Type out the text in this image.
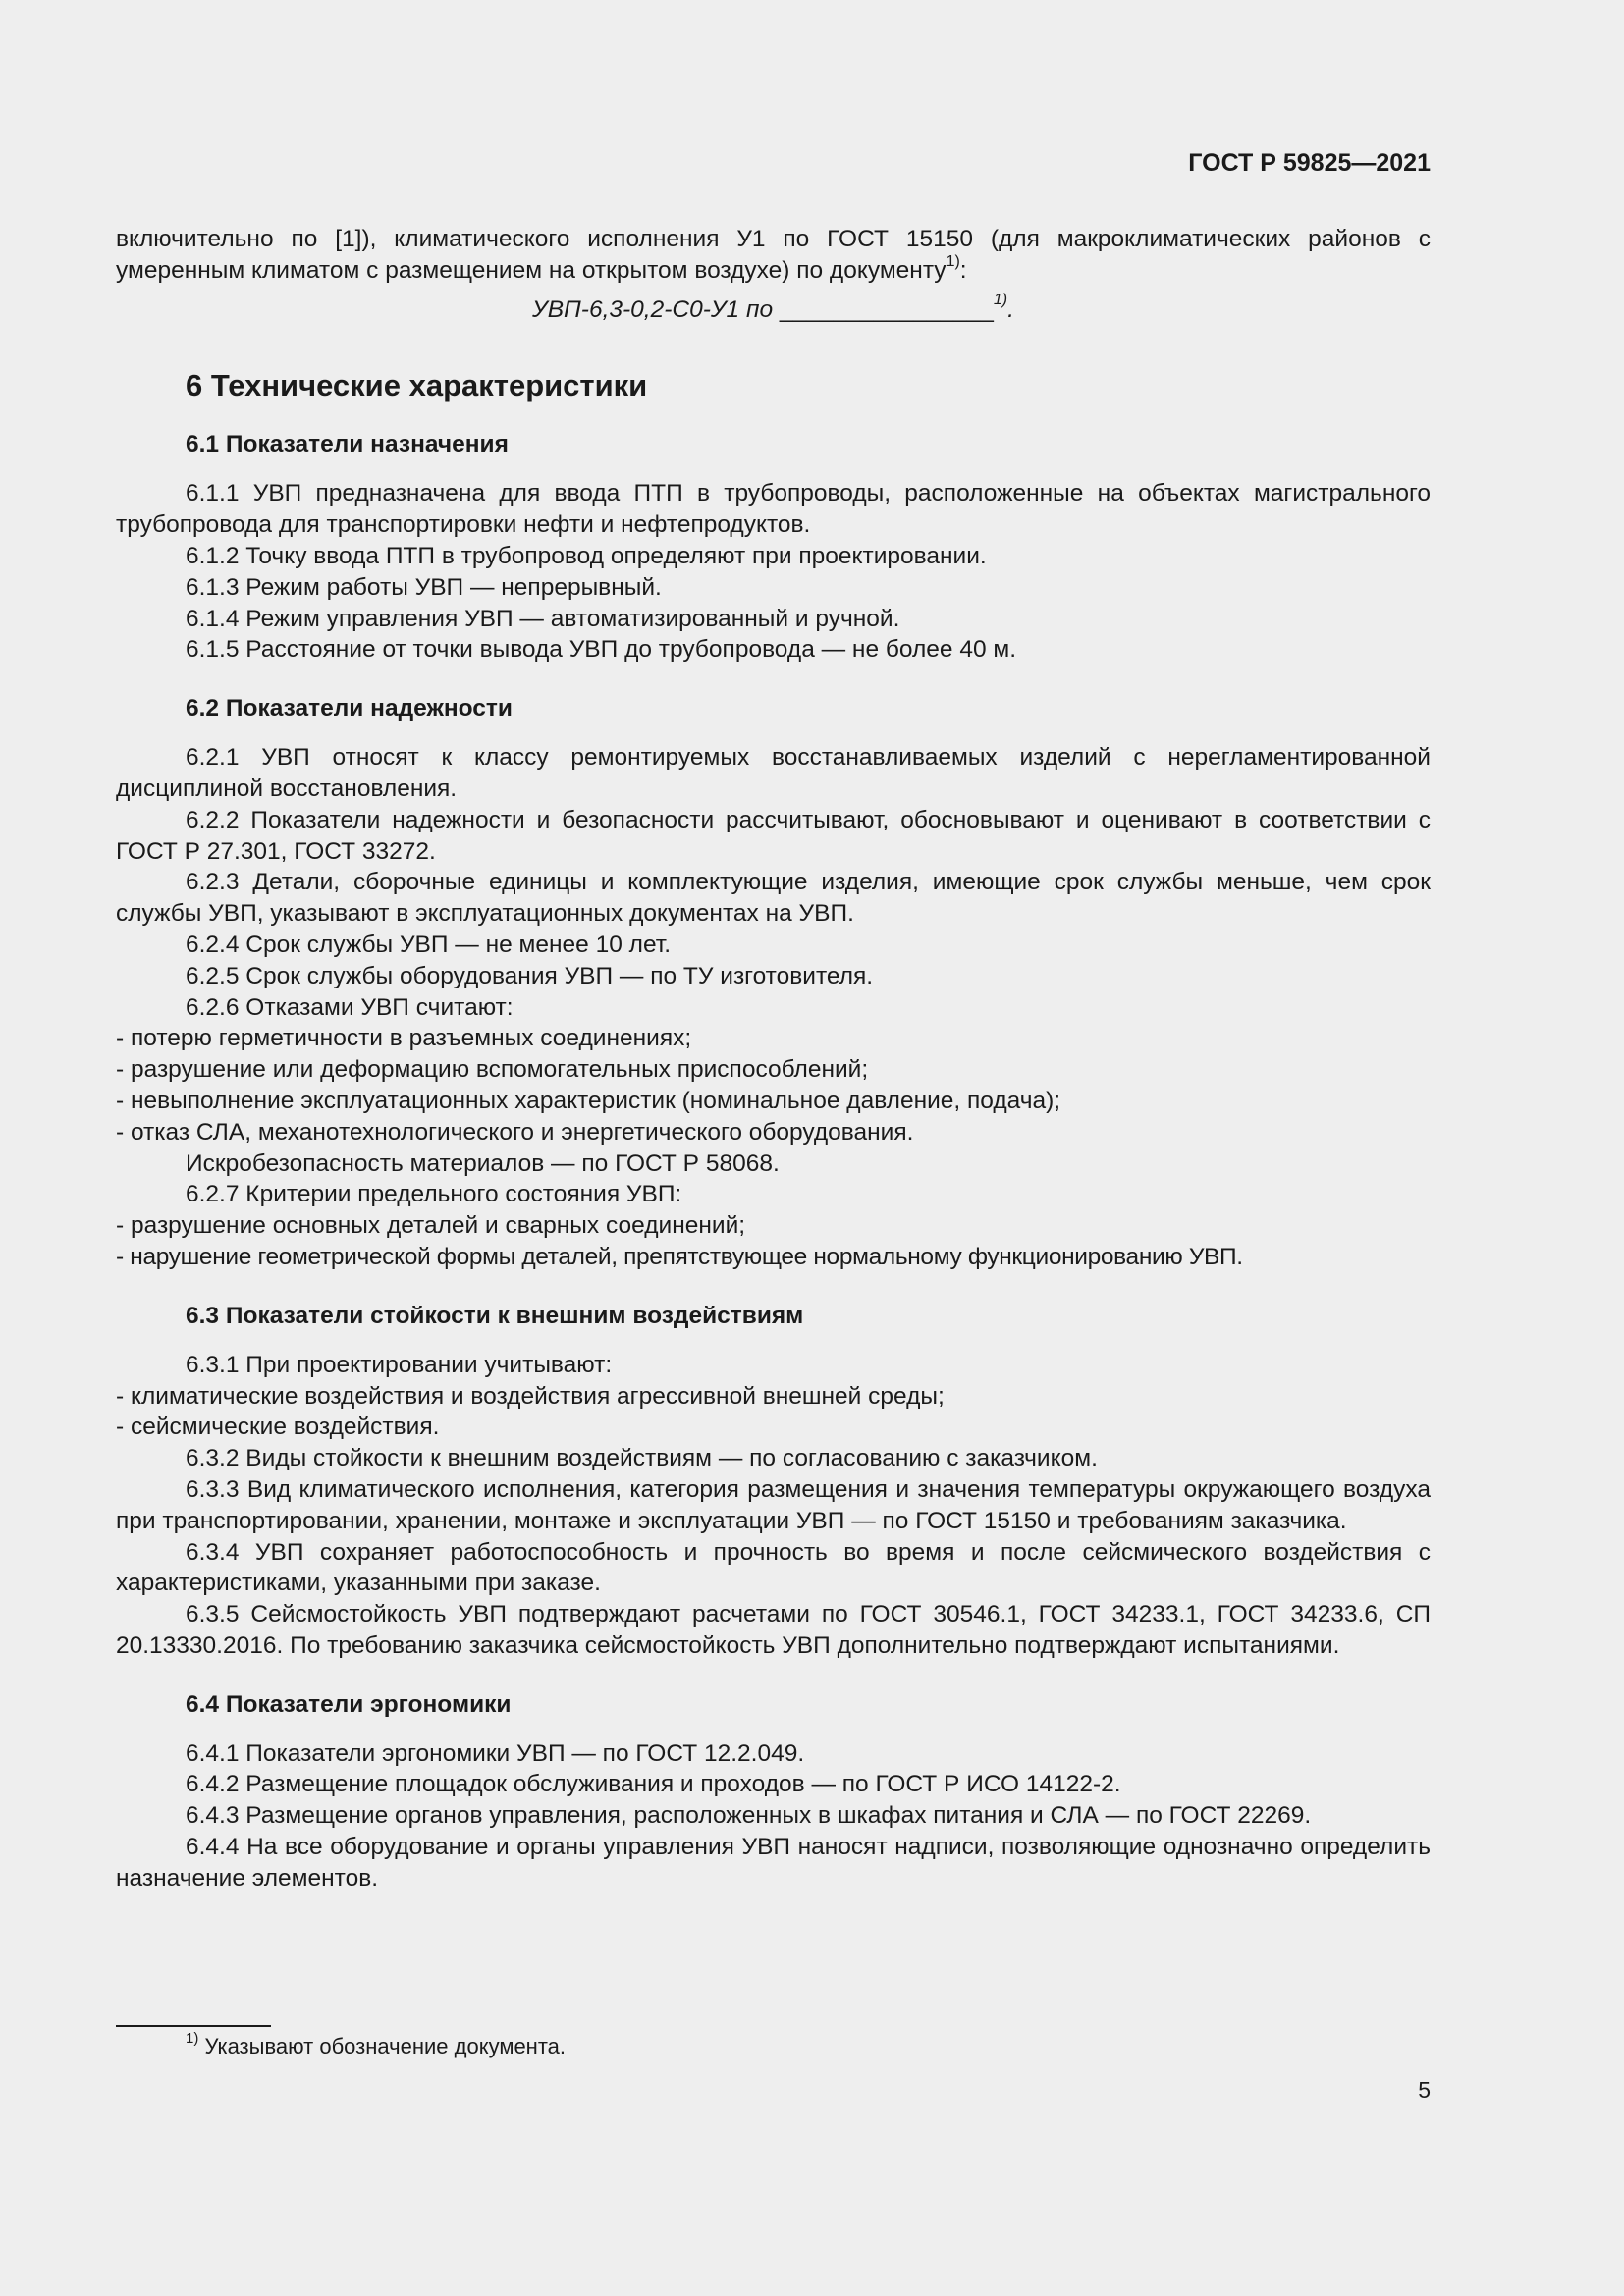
ГОСТ Р 59825—2021

включительно по [1]), климатического исполнения У1 по ГОСТ 15150 (для макроклиматических районов с умеренным климатом с размещением на открытом воздухе) по документу$^{1)}$:

УВП-6,3-0,2-С0-У1 по ________________$^{1)}$.

6 Технические характеристики
6.1 Показатели назначения

6.1.1 УВП предназначена для ввода ПТП в трубопроводы, расположенные на объектах магистрального трубопровода для транспортировки нефти и нефтепродуктов.

6.1.2 Точку ввода ПТП в трубопровод определяют при проектировании.

6.1.3 Режим работы УВП — непрерывный.

6.1.4 Режим управления УВП — автоматизированный и ручной.

6.1.5 Расстояние от точки вывода УВП до трубопровода — не более 40 м.

6.2 Показатели надежности

6.2.1 УВП относят к классу ремонтируемых восстанавливаемых изделий с нерегламентированной дисциплиной восстановления.

6.2.2 Показатели надежности и безопасности рассчитывают, обосновывают и оценивают в соответствии с ГОСТ Р 27.301, ГОСТ 33272.

6.2.3 Детали, сборочные единицы и комплектующие изделия, имеющие срок службы меньше, чем срок службы УВП, указывают в эксплуатационных документах на УВП.

6.2.4 Срок службы УВП — не менее 10 лет.

6.2.5 Срок службы оборудования УВП — по ТУ изготовителя.

6.2.6 Отказами УВП считают:

- потерю герметичности в разъемных соединениях;

- разрушение или деформацию вспомогательных приспособлений;

- невыполнение эксплуатационных характеристик (номинальное давление, подача);

- отказ СЛА, механотехнологического и энергетического оборудования.

Искробезопасность материалов — по ГОСТ Р 58068.

6.2.7 Критерии предельного состояния УВП:

- разрушение основных деталей и сварных соединений;

- нарушение геометрической формы деталей, препятствующее нормальному функционированию УВП.

6.3 Показатели стойкости к внешним воздействиям

6.3.1 При проектировании учитывают:

- климатические воздействия и воздействия агрессивной внешней среды;

- сейсмические воздействия.

6.3.2 Виды стойкости к внешним воздействиям — по согласованию с заказчиком.

6.3.3 Вид климатического исполнения, категория размещения и значения температуры окружающего воздуха при транспортировании, хранении, монтаже и эксплуатации УВП — по ГОСТ 15150 и требованиям заказчика.

6.3.4 УВП сохраняет работоспособность и прочность во время и после сейсмического воздействия с характеристиками, указанными при заказе.

6.3.5 Сейсмостойкость УВП подтверждают расчетами по ГОСТ 30546.1, ГОСТ 34233.1, ГОСТ 34233.6, СП 20.13330.2016. По требованию заказчика сейсмостойкость УВП дополнительно подтверждают испытаниями.

6.4 Показатели эргономики

6.4.1 Показатели эргономики УВП — по ГОСТ 12.2.049.

6.4.2 Размещение площадок обслуживания и проходов — по ГОСТ Р ИСО 14122-2.

6.4.3 Размещение органов управления, расположенных в шкафах питания и СЛА — по ГОСТ 22269.

6.4.4 На все оборудование и органы управления УВП наносят надписи, позволяющие однозначно определить назначение элементов.

$^{1)}$ Указывают обозначение документа.
5
